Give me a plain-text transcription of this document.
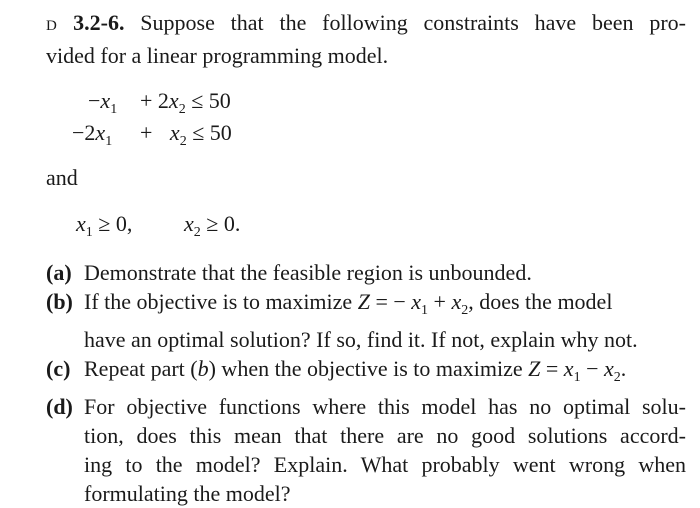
D 3.2-6. Suppose that the following constraints have been pro-
vided for a linear programming model.
$-x_1 + 2x_2 \le 50$
$-2x_1 + x_2 \le 50$
and
$x_1 \ge 0$, $x_2 \ge 0$.
(a) Demonstrate that the feasible region is unbounded.
(b) If the objective is to maximize Z = − $x_1 + x_2$, does the model
have an optimal solution? If so, find it. If not, explain why not.
(c) Repeat part (b) when the objective is to maximize $Z = x_1 - x_2$.
(d) For objective functions where this model has no optimal solu-
tion, does this mean that there are no good solutions accord-
ing to the model? Explain. What probably went wrong when
formulating the model?
